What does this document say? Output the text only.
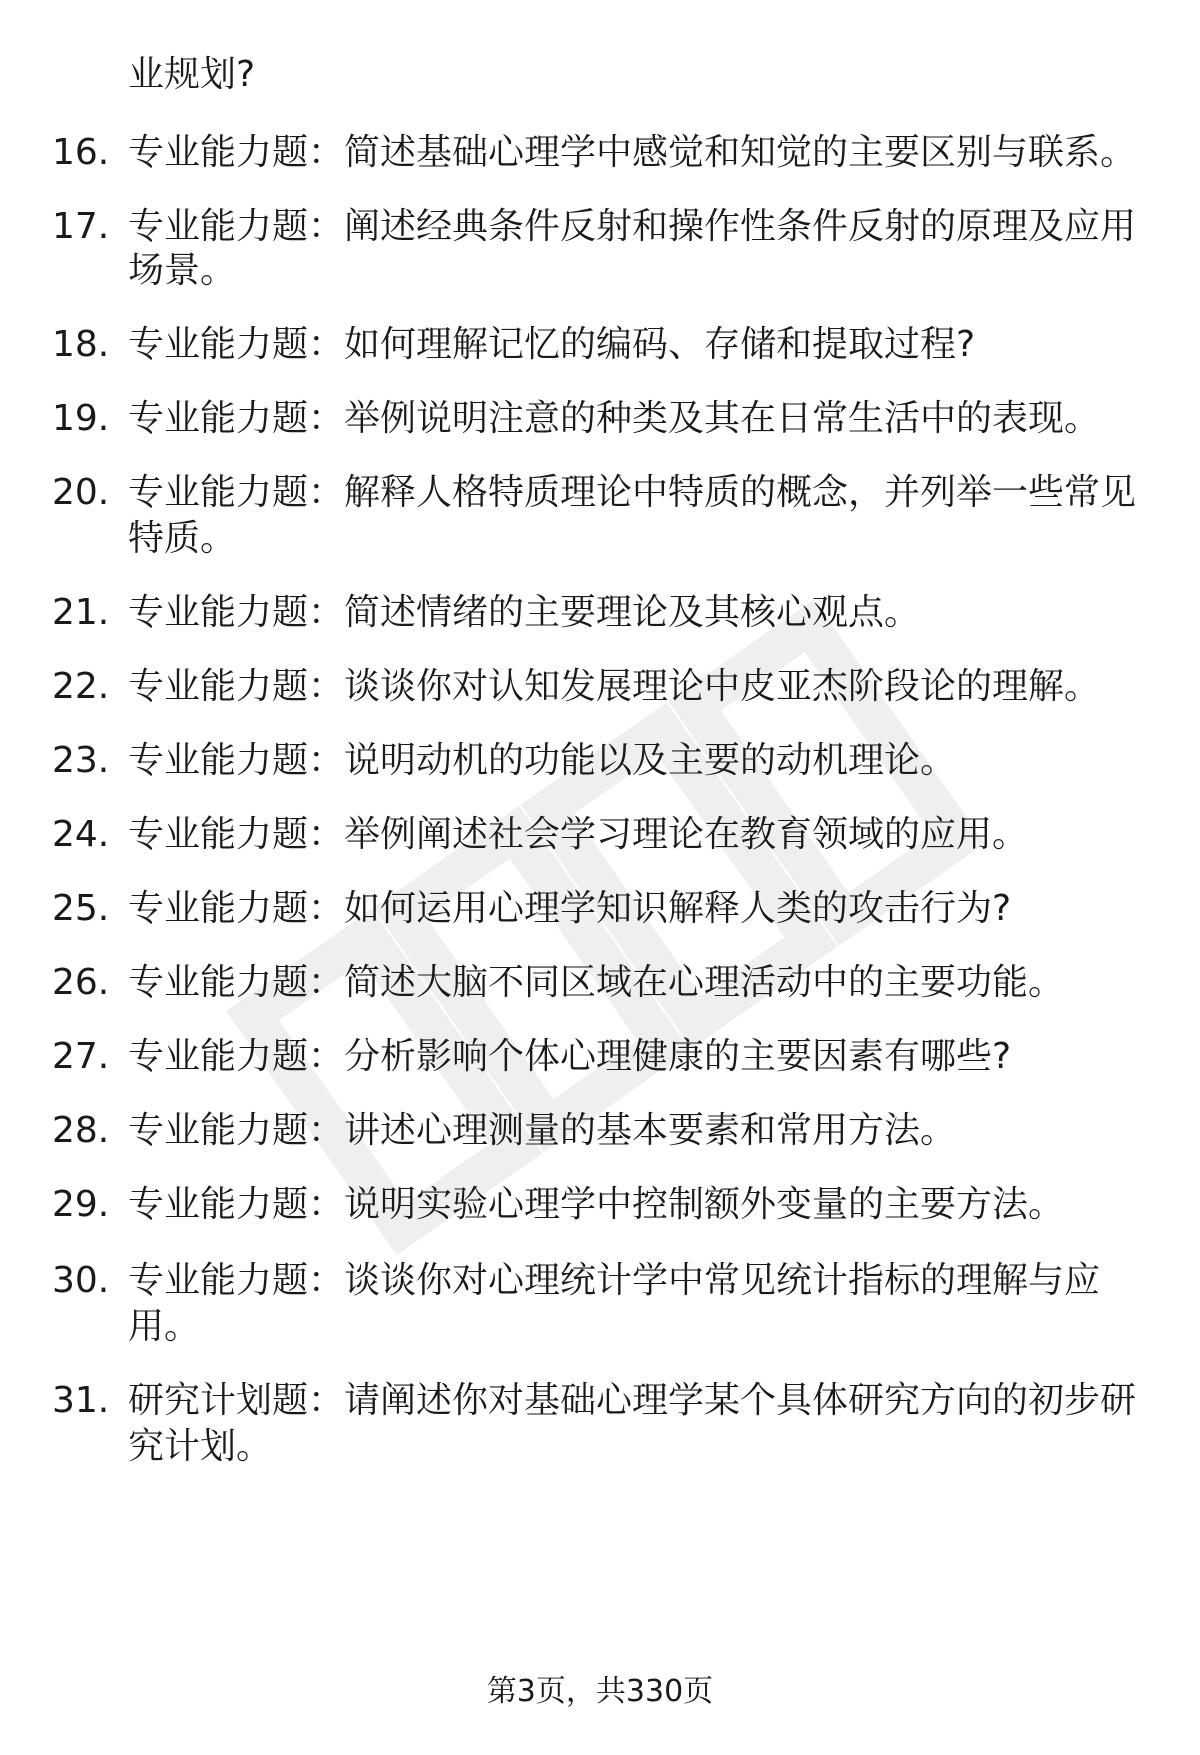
业规划?
16. 专业能力题：简述基础心理学中感觉和知觉的主要区别与联系。
17. 专业能力题：阐述经典条件反射和操作性条件反射的原理及应用
场景。
18. 专业能力题：如何理解记忆的编码、存储和提取过程?
19. 专业能力题：举例说明注意的种类及其在日常生活中的表现。
20. 专业能力题：解释人格特质理论中特质的概念，并列举一些常见
特质。
21. 专业能力题：简述情绪的主要理论及其核心观点。
22. 专业能力题：谈谈你对认知发展理论中皮亚杰阶段论的理解。
23. 专业能力题：说明动机的功能以及主要的动机理论。
24. 专业能力题：举例阐述社会学习理论在教育领域的应用。
25. 专业能力题：如何运用心理学知识解释人类的攻击行为?
26. 专业能力题：简述大脑不同区域在心理活动中的主要功能。
27. 专业能力题：分析影响个体心理健康的主要因素有哪些?
28. 专业能力题：讲述心理测量的基本要素和常用方法。
29. 专业能力题：说明实验心理学中控制额外变量的主要方法。
30. 专业能力题：谈谈你对心理统计学中常见统计指标的理解与应
用。
31. 研究计划题：请阐述你对基础心理学某个具体研究方向的初步研
究计划。
第3页，共330页
